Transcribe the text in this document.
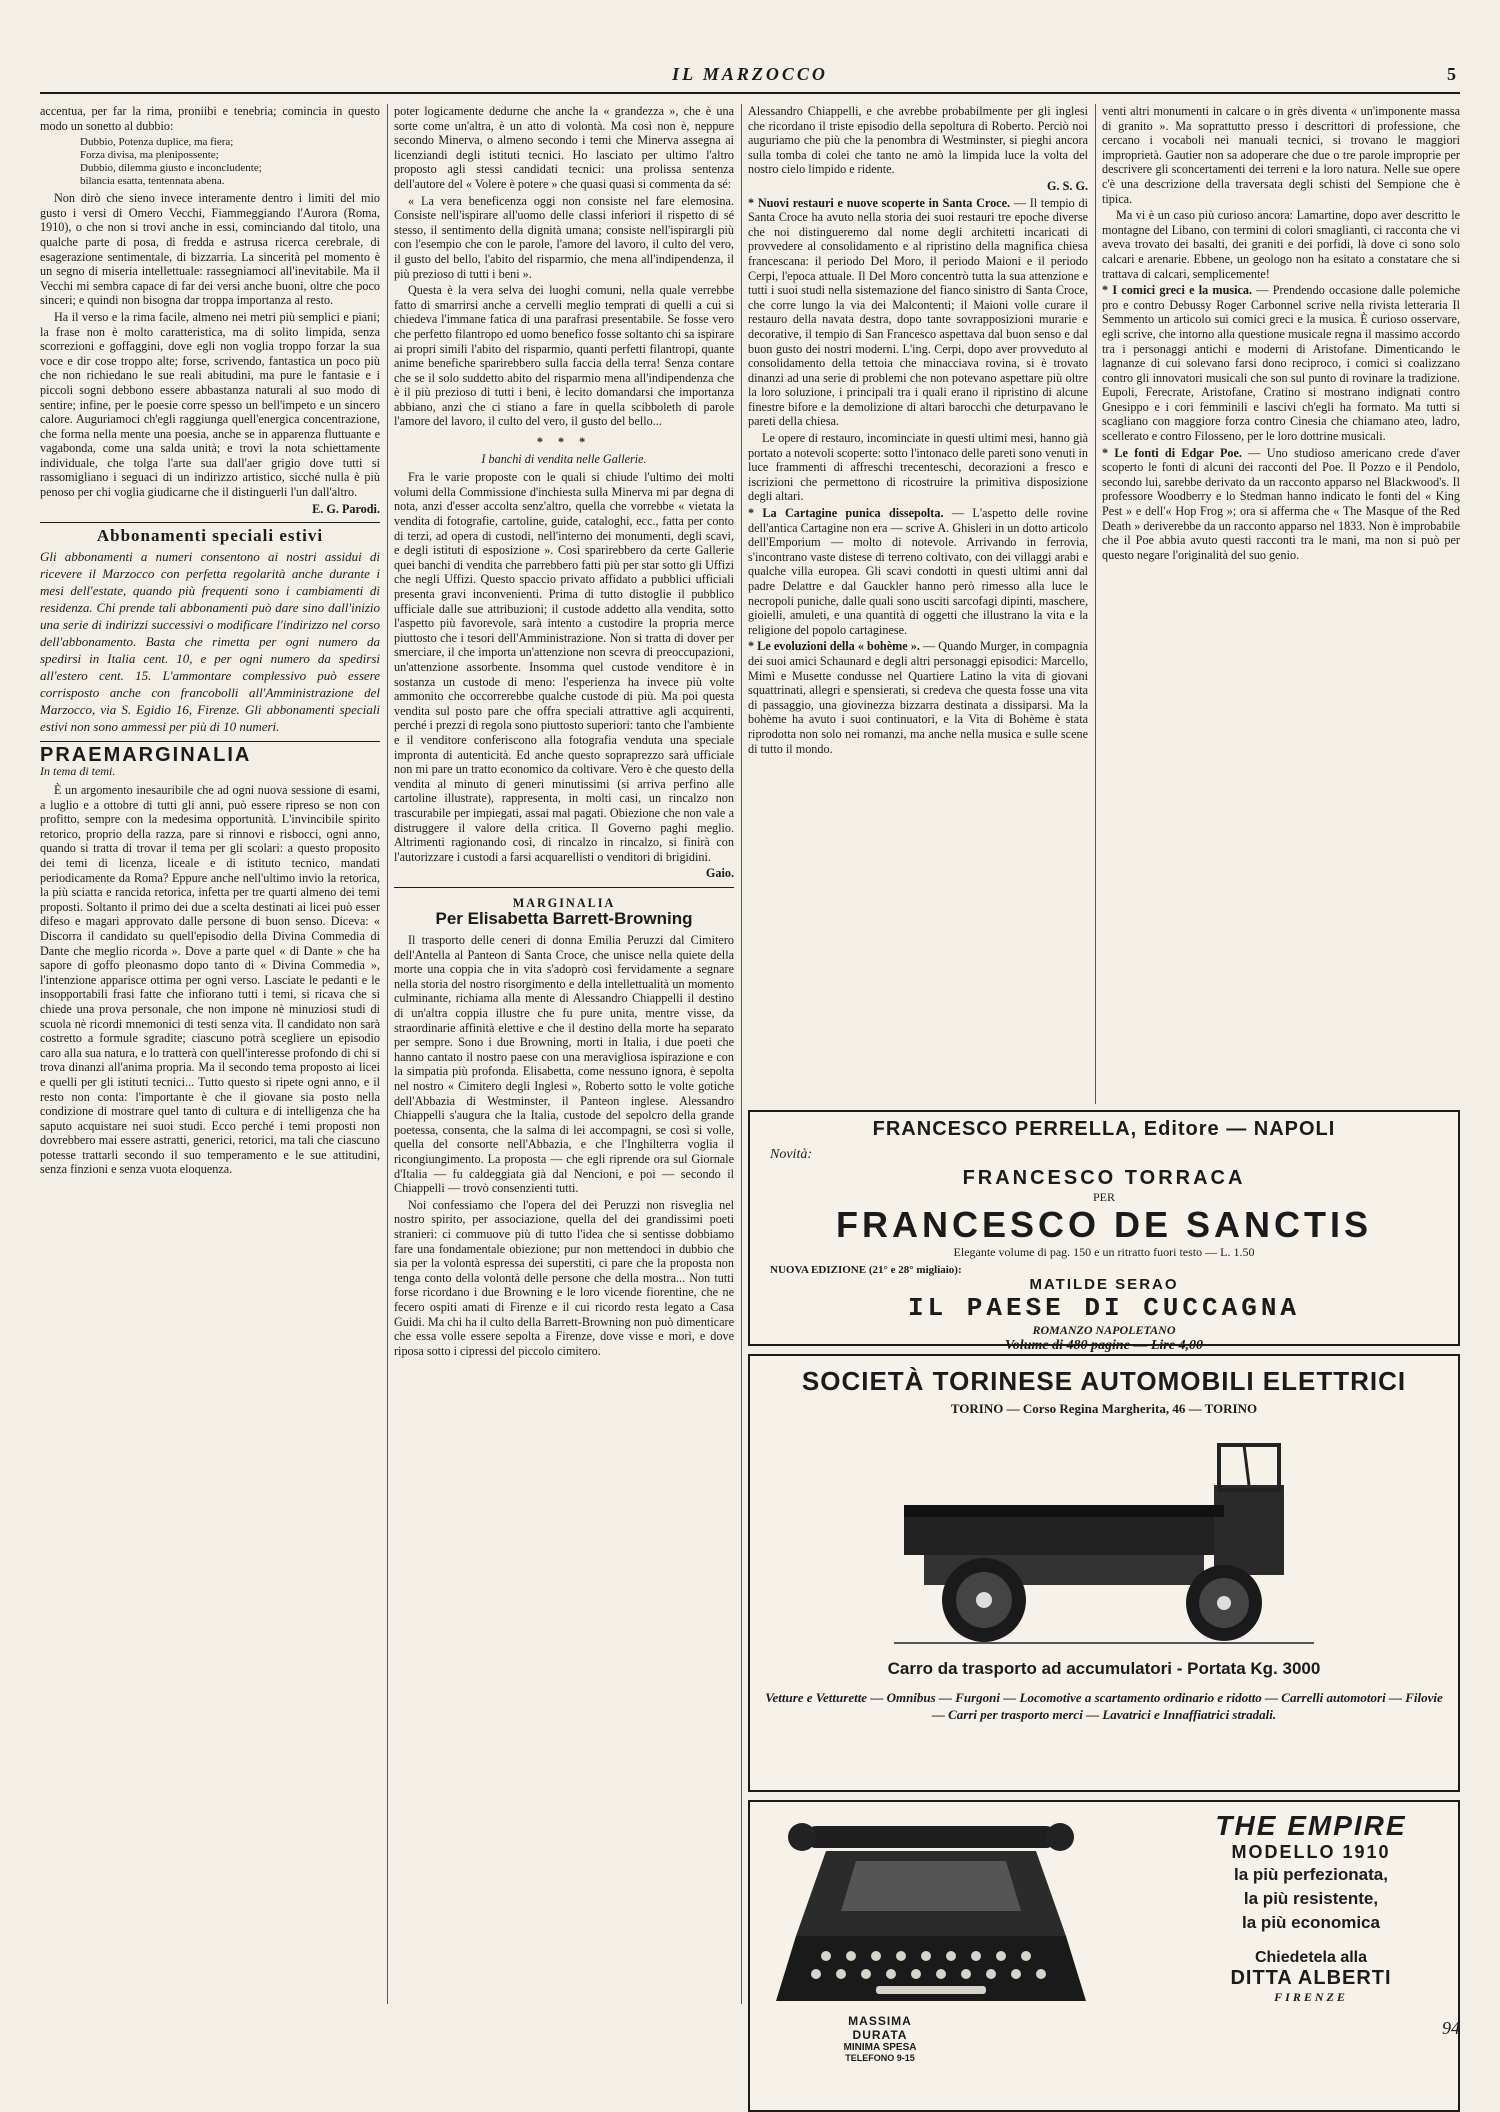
IL MARZOCCO	5

accentua, per far la rima, proniibi e tenebria; comincia in questo modo un sonetto al dubbio:

Dubbio, Potenza duplice, ma fiera;
Forza divisa, ma plenipossente;
Dubbio, dilemma giusto e inconcludente;
bilancia esatta, tentennata abena.

Non dirò che sieno invece interamente dentro i limiti del mio gusto i versi di Omero Vecchi, Fiammeggiando l'Aurora (Roma, 1910), o che non si trovi anche in essi, cominciando dal titolo, una qualche parte di posa, di fredda e astrusa ricerca cerebrale, di esagerazione sentimentale, di bizzarria. La sincerità pel momento è un segno di miseria intellettuale: rassegniamoci all'inevitabile. Ma il Vecchi mi sembra capace di far dei versi anche buoni, oltre che poco sinceri; e quindi non bisogna dar troppa importanza al resto.

Ha il verso e la rima facile, almeno nei metri più semplici e piani; la frase non è molto caratteristica, ma di solito limpida, senza scorrezioni e goffaggini, dove egli non voglia troppo forzar la sua voce e dir cose troppo alte; forse, scrivendo, fantastica un poco più che non richiedano le sue reali abitudini, ma pure le fantasie e i piccoli sogni debbono essere abbastanza naturali al suo modo di sentire; infine, per le poesie corre spesso un bell'impeto e un sincero calore. Auguriamoci ch'egli raggiunga quell'energica concentrazione, che forma nella mente una poesia, anche se in apparenza fluttuante e vagabonda, come una salda unità; e trovi la nota schiettamente individuale, che tolga l'arte sua dall'aer grigio dove tutti si rassomigliano i seguaci di un indirizzo artistico, sicché nulla è più penoso per chi voglia giudicarne che il distinguerli l'un dall'altro.

E. G. Parodi.

Abbonamenti speciali estivi
Gli abbonamenti a numeri consentono ai nostri assidui di ricevere il Marzocco con perfetta regolarità anche durante i mesi dell'estate, quando più frequenti sono i cambiamenti di residenza. Chi prende tali abbonamenti può dare sino dall'inizio una serie di indirizzi successivi o modificare l'indirizzo nel corso dell'abbonamento. Basta che rimetta per ogni numero da spedirsi in Italia cent. 10, e per ogni numero da spedirsi all'estero cent. 15. L'ammontare complessivo può essere corrisposto anche con francobolli all'Amministrazione del Marzocco, via S. Egidio 16, Firenze. Gli abbonamenti speciali estivi non sono ammessi per più di 10 numeri.
PRAEMARGINALIA
In tema di temi.

È un argomento inesauribile che ad ogni nuova sessione di esami, a luglio e a ottobre di tutti gli anni, può essere ripreso se non con profitto, sempre con la medesima opportunità. L'invincibile spirito retorico, proprio della razza, pare si rinnovi e risbocci, ogni anno, quando si tratta di trovar il tema per gli scolari: a questo proposito dei temi di licenza, liceale e di istituto tecnico, mandati periodicamente da Roma? Eppure anche nell'ultimo invio la retorica, la più sciatta e rancida retorica, infetta per tre quarti almeno dei temi proposti. Soltanto il primo dei due a scelta destinati ai licei può esser difeso e magari approvato dalle persone di buon senso. Diceva: « Discorra il candidato su quell'episodio della Divina Commedia di Dante che meglio ricorda ». Dove a parte quel « di Dante » che ha sapore di goffo pleonasmo dopo tanto di « Divina Commedia », l'intenzione apparisce ottima per ogni verso. Lasciate le pedanti e le insopportabili frasi fatte che infiorano tutti i temi, si ricava che si chiede una prova personale, che non impone nè minuziosi studi di scuola nè ricordi mnemonici di testi senza vita. Il candidato non sarà costretto a formule sgradite; ciascuno potrà scegliere un episodio caro alla sua natura, e lo tratterà con quell'interesse profondo di chi si trova dinanzi all'anima propria. Ma il secondo tema proposto ai licei e quelli per gli istituti tecnici... Tutto questo si ripete ogni anno, e il resto non conta: l'importante è che il giovane sia posto nella condizione di mostrare quel tanto di cultura e di intelligenza che ha saputo acquistare nei suoi studi. Ecco perché i temi proposti non dovrebbero mai essere astratti, generici, retorici, ma tali che ciascuno potesse trattarli secondo il suo temperamento e le sue attitudini, senza finzioni e senza vuota eloquenza.

poter logicamente dedurne che anche la « grandezza », che è una sorte come un'altra, è un atto di volontà. Ma così non è, neppure secondo Minerva, o almeno secondo i temi che Minerva assegna ai licenziandi degli istituti tecnici. Ho lasciato per ultimo l'altro proposto agli stessi candidati tecnici: una prolissa sentenza dell'autore del « Volere è potere » che quasi quasi si commenta da sé:

« La vera beneficenza oggi non consiste nel fare elemosina. Consiste nell'ispirare all'uomo delle classi inferiori il rispetto di sé stesso, il sentimento della dignità umana; consiste nell'ispirargli più con l'esempio che con le parole, l'amore del lavoro, il culto del vero, il gusto del bello, l'abito del risparmio, che mena all'indipendenza, il più prezioso di tutti i beni ».

Questa è la vera selva dei luoghi comuni, nella quale verrebbe fatto di smarrirsi anche a cervelli meglio temprati di quelli a cui si chiedeva l'immane fatica di una parafrasi presentabile. Se fosse vero che perfetto filantropo ed uomo benefico fosse soltanto chi sa ispirare ai propri simili l'abito del risparmio, quanti perfetti filantropi, quante anime benefiche sparirebbero sulla faccia della terra! Senza contare che se il solo suddetto abito del risparmio mena all'indipendenza che è il più prezioso di tutti i beni, è lecito domandarsi che importanza abbiano, anzi che ci stiano a fare in quella scibboleth di parole l'amore del lavoro, il culto del vero, il gusto del bello...

* * *
I banchi di vendita nelle Gallerie.

Fra le varie proposte con le quali si chiude l'ultimo dei molti volumi della Commissione d'inchiesta sulla Minerva mi par degna di nota, anzi d'esser accolta senz'altro, quella che vorrebbe « vietata la vendita di fotografie, cartoline, guide, cataloghi, ecc., fatta per conto di terzi, ad opera di custodi, nell'interno dei monumenti, degli scavi, e degli istituti di esposizione ». Così sparirebbero da certe Gallerie quei banchi di vendita che parrebbero fatti più per star sotto gli Uffizi che negli Uffizi. Questo spaccio privato affidato a pubblici ufficiali presenta gravi inconvenienti. Prima di tutto distoglie il pubblico ufficiale dalle sue attribuzioni; il custode addetto alla vendita, sotto l'aspetto più favorevole, sarà intento a custodire la propria merce piuttosto che i tesori dell'Amministrazione. Non si tratta di dover per smerciare, il che importa un'attenzione non scevra di preoccupazioni, un'attenzione assorbente. Insomma quel custode venditore è in sostanza un custode di meno: l'esperienza ha invece più volte ammonito che occorrerebbe qualche custode di più. Ma poi questa vendita sul posto pare che offra speciali attrattive agli acquirenti, perché i prezzi di regola sono piuttosto superiori: tanto che l'ambiente e il venditore conferiscono alla fotografia venduta una speciale impronta di autenticità. Ed anche questo sopraprezzo sarà ufficiale non mi pare un tratto economico da coltivare. Vero è che questo della vendita al minuto di generi minutissimi (si arriva perfino alle cartoline illustrate), rappresenta, in molti casi, un rincalzo non trascurabile per impiegati, assai mal pagati. Obiezione che non vale a distruggere il valore della critica. Il Governo paghi meglio. Altrimenti ragionando così, di rincalzo in rincalzo, si finirà con l'autorizzare i custodi a farsi acquarellisti o venditori di brigidini.

Gaio.

MARGINALIA
Per Elisabetta Barrett-Browning

Il trasporto delle ceneri di donna Emilia Peruzzi dal Cimitero dell'Antella al Panteon di Santa Croce, che unisce nella quiete della morte una coppia che in vita s'adoprò così fervidamente a segnare nella storia del nostro risorgimento e della intellettualità un momento culminante, richiama alla mente di Alessandro Chiappelli il destino di un'altra coppia illustre che fu pure unita, mentre visse, da straordinarie affinità elettive e che il destino della morte ha separato per sempre. Sono i due Browning, morti in Italia, i due poeti che hanno cantato il nostro paese con una meravigliosa ispirazione e con la simpatia più profonda. Elisabetta, come nessuno ignora, è sepolta nel nostro « Cimitero degli Inglesi », Roberto sotto le volte gotiche dell'Abbazia di Westminster, il Panteon inglese. Alessandro Chiappelli s'augura che la Italia, custode del sepolcro della grande poetessa, consenta, che la salma di lei accompagni, se così si volle, quella del consorte nell'Abbazia, e che l'Inghilterra voglia il ricongiungimento. La proposta — che egli riprende ora sul Giornale d'Italia — fu caldeggiata già dal Nencioni, e poi — secondo il Chiappelli — trovò consenzienti tutti.

Noi confessiamo che l'opera del dei Peruzzi non risveglia nel nostro spirito, per associazione, quella del dei grandissimi poeti stranieri: ci commuove più di tutto l'idea che si sentisse dobbiamo fare una fondamentale obiezione; pur non mettendoci in dubbio che sia per la volontà espressa dei superstiti, ci pare che la proposta non tenga conto della volontà delle persone che della mostra... Non tutti forse ricordano i due Browning e le loro vicende fiorentine, che ne fecero ospiti amati di Firenze e il cui ricordo resta legato a Casa Guidi. Ma chi ha il culto della Barrett-Browning non può dimenticare che essa volle essere sepolta a Firenze, dove visse e morì, e dove riposa sotto i cipressi del piccolo cimitero.

Alessandro Chiappelli, e che avrebbe probabilmente per gli inglesi che ricordano il triste episodio della sepoltura di Roberto. Perciò noi auguriamo che più che la penombra di Westminster, si pieghi ancora sulla tomba di colei che tanto ne amò la limpida luce la volta del nostro cielo limpido e ridente.

G. S. G.

* Nuovi restauri e nuove scoperte in Santa Croce. — Il tempio di Santa Croce ha avuto nella storia dei suoi restauri tre epoche diverse che noi distingueremo dal nome degli architetti incaricati di provvedere al consolidamento e al ripristino della magnifica chiesa francescana: il periodo Del Moro, il periodo Maioni e il periodo Cerpi, l'epoca attuale. Il Del Moro concentrò tutta la sua attenzione e tutti i suoi studi nella sistemazione del fianco sinistro di Santa Croce, che corre lungo la via dei Malcontenti; il Maioni volle curare il restauro della navata destra, dopo tante sovrapposizioni murarie e decorative, il tempio di San Francesco aspettava dal buon senso e dal buon gusto dei nostri moderni. L'ing. Cerpi, dopo aver provveduto al consolidamento della tettoia che minacciava rovina, si è trovato dinanzi ad una serie di problemi che non potevano aspettare più oltre la loro soluzione, i principali tra i quali erano il ripristino di alcune finestre bifore e la demolizione di altari barocchi che deturpavano le pareti della chiesa.

Le opere di restauro, incominciate in questi ultimi mesi, hanno già portato a notevoli scoperte: sotto l'intonaco delle pareti sono venuti in luce frammenti di affreschi trecenteschi, decorazioni a fresco e iscrizioni che permettono di ricostruire la primitiva disposizione degli altari.

* La Cartagine punica dissepolta. — L'aspetto delle rovine dell'antica Cartagine non era — scrive A. Ghisleri in un dotto articolo dell'Emporium — molto di notevole. Arrivando in ferrovia, s'incontrano vaste distese di terreno coltivato, con dei villaggi arabi e qualche villa europea. Gli scavi condotti in questi ultimi anni dal padre Delattre e dal Gauckler hanno però rimesso alla luce le necropoli puniche, dalle quali sono usciti sarcofagi dipinti, maschere, gioielli, amuleti, e una quantità di oggetti che illustrano la vita e la religione del popolo cartaginese.

* Le evoluzioni della « bohème ». — Quando Murger, in compagnia dei suoi amici Schaunard e degli altri personaggi episodici: Marcello, Mimì e Musette condusse nel Quartiere Latino la vita di giovani squattrinati, allegri e spensierati, si credeva che questa fosse una vita di passaggio, una giovinezza bizzarra destinata a dissiparsi. Ma la bohème ha avuto i suoi continuatori, e la Vita di Bohème è stata riprodotta non solo nei romanzi, ma anche nella musica e sulle scene di tutto il mondo.

venti altri monumenti in calcare o in grès diventa « un'imponente massa di granito ». Ma soprattutto presso i descrittori di professione, che cercano i vocaboli nei manuali tecnici, si trovano le maggiori improprietà. Gautier non sa adoperare che due o tre parole improprie per descrivere gli sconcertamenti dei terreni e la loro natura. Nelle sue opere c'è una descrizione della traversata degli schisti del Sempione che è tipica.

Ma vi è un caso più curioso ancora: Lamartine, dopo aver descritto le montagne del Libano, con termini di colori smaglianti, ci racconta che vi aveva trovato dei basalti, dei graniti e dei porfidi, là dove ci sono solo calcari e arenarie. Ebbene, un geologo non ha esitato a constatare che si trattava di calcari, semplicemente!

* I comici greci e la musica. — Prendendo occasione dalle polemiche pro e contro Debussy Roger Carbonnel scrive nella rivista letteraria Il Semmento un articolo sui comici greci e la musica. È curioso osservare, egli scrive, che intorno alla questione musicale regna il massimo accordo tra i personaggi antichi e moderni di Aristofane. Dimenticando le lagnanze di cui solevano farsi dono reciproco, i comici si coalizzano contro gli innovatori musicali che son sul punto di rovinare la tradizione. Eupoli, Ferecrate, Aristofane, Cratino si mostrano indignati contro Gnesippo e i cori femminili e lascivi ch'egli ha formato. Ma tutti si scagliano con maggiore forza contro Cinesia che chiamano ateo, ladro, scellerato e contro Filosseno, per le loro dottrine musicali.

* Le fonti di Edgar Poe. — Uno studioso americano crede d'aver scoperto le fonti di alcuni dei racconti del Poe. Il Pozzo e il Pendolo, secondo lui, sarebbe derivato da un racconto apparso nel Blackwood's. Il professore Woodberry e lo Stedman hanno indicato le fonti del « King Pest » e dell'« Hop Frog »; ora si afferma che « The Masque of the Red Death » deriverebbe da un racconto apparso nel 1833. Non è improbabile che il Poe abbia avuto questi racconti tra le mani, ma non si può per questo negare l'originalità del suo genio.

FRANCESCO PERRELLA, Editore — NAPOLI
Novità:
FRANCESCO TORRACA
PER
FRANCESCO DE SANCTIS
Elegante volume di pag. 150 e un ritratto fuori testo — L. 1.50
NUOVA EDIZIONE (21° e 28° migliaio):
MATILDE SERAO
IL PAESE DI CUCCAGNA
ROMANZO NAPOLETANO
Volume di 480 pagine — Lire 4,00
SOCIETÀ TORINESE AUTOMOBILI ELETTRICI
TORINO — Corso Regina Margherita, 46 — TORINO
Carro da trasporto ad accumulatori - Portata Kg. 3000
Vetture e Vetturette — Omnibus — Furgoni — Locomotive a scartamento ordinario e ridotto — Carrelli automotori — Filovie — Carri per trasporto merci — Lavatrici e Innaffiatrici stradali.
MASSIMA
DURATA
MINIMA SPESA
TELEFONO 9-15
THE EMPIRE
MODELLO 1910
la più perfezionata,
la più resistente,
la più economica
Chiedetela alla
DITTA ALBERTI
FIRENZE
94
